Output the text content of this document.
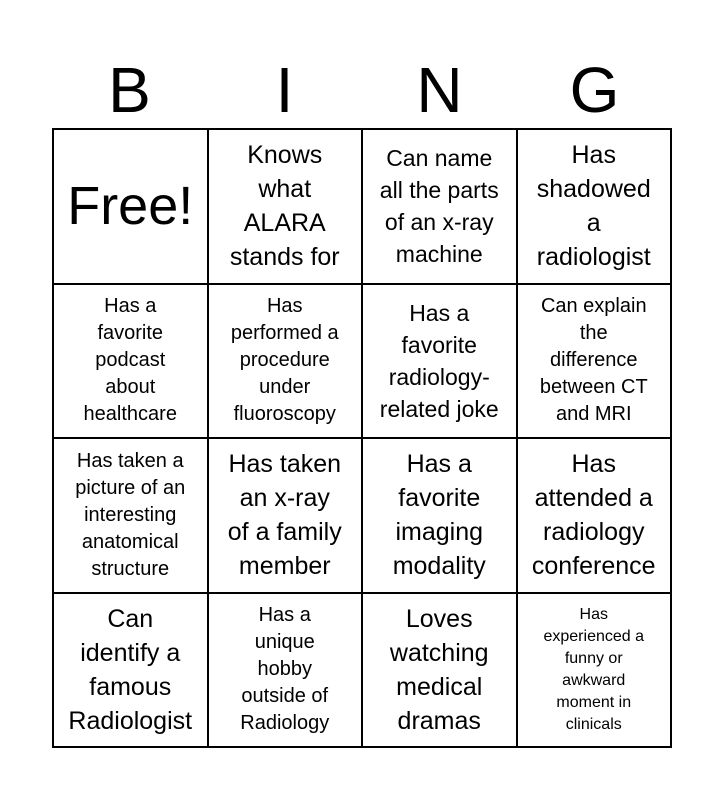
B	I	N	G
Free!
Knows
what
ALARA
stands for
Can name
all the parts
of an x-ray
machine
Has
shadowed
a
radiologist
Has a
favorite
podcast
about
healthcare
Has
performed a
procedure
under
fluoroscopy
Has a
favorite
radiology-
related joke
Can explain
the
difference
between CT
and MRI
Has taken a
picture of an
interesting
anatomical
structure
Has taken
an x-ray
of a family
member
Has a
favorite
imaging
modality
Has
attended a
radiology
conference
Can
identify a
famous
Radiologist
Has a
unique
hobby
outside of
Radiology
Loves
watching
medical
dramas
Has
experienced a
funny or
awkward
moment in
clinicals
